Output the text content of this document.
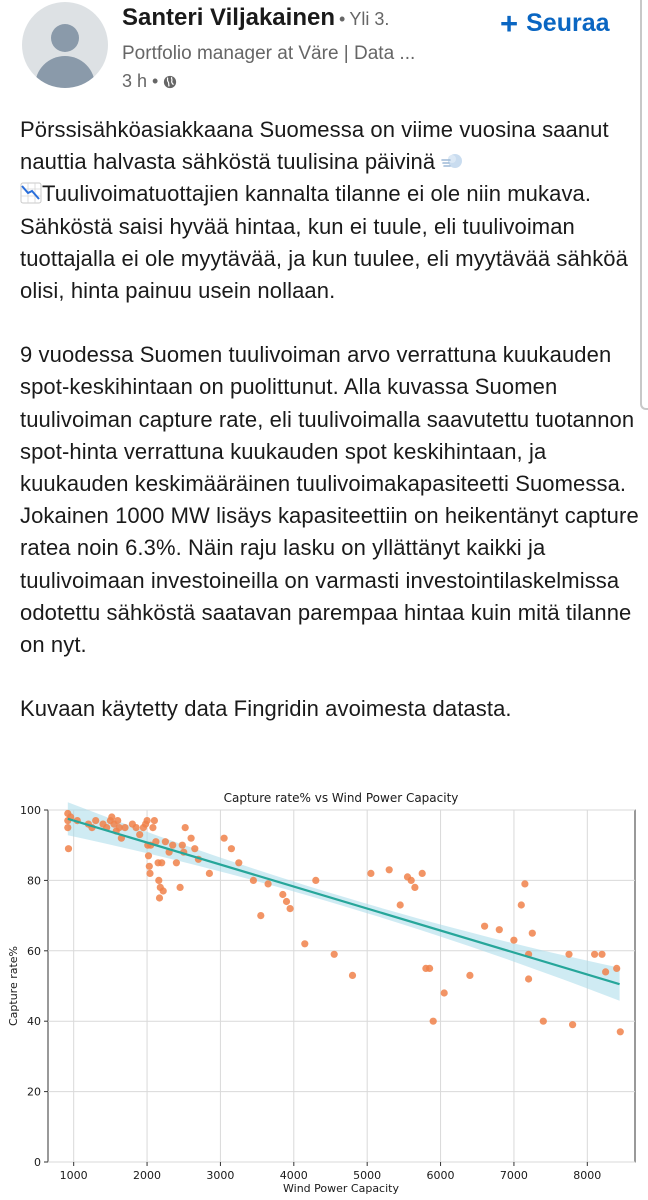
Santeri Viljakainen • Yli 3.
Portfolio manager at Väre | Data ...
3 h •
+ Seuraa

Pörssisähköasiakkaana Suomessa on viime vuosina saanut nauttia halvasta sähköstä tuulisina päivinä
Tuulivoimatuottajien kannalta tilanne ei ole niin mukava. Sähköstä saisi hyvää hintaa, kun ei tuule, eli tuulivoiman tuottajalla ei ole myytävää, ja kun tuulee, eli myytävää sähköä olisi, hinta painuu usein nollaan.

9 vuodessa Suomen tuulivoiman arvo verrattuna kuukauden spot-keskihintaan on puolittunut. Alla kuvassa Suomen tuulivoiman capture rate, eli tuulivoimalla saavutettu tuotannon spot-hinta verrattuna kuukauden spot keskihintaan, ja kuukauden keskimääräinen tuulivoimakapasiteetti Suomessa. Jokainen 1000 MW lisäys kapasiteettiin on heikentänyt capture ratea noin 6.3%. Näin raju lasku on yllättänyt kaikki ja tuulivoimaan investoineilla on varmasti investointilaskelmissa odotettu sähköstä saatavan parempaa hintaa kuin mitä tilanne on nyt.

Kuvaan käytetty data Fingridin avoimesta datasta.

1000	2000	3000	4000	5000	6000	7000	8000
0
20
40
60
80
100
Capture rate% vs Wind Power Capacity
Wind Power Capacity
Capture rate%
